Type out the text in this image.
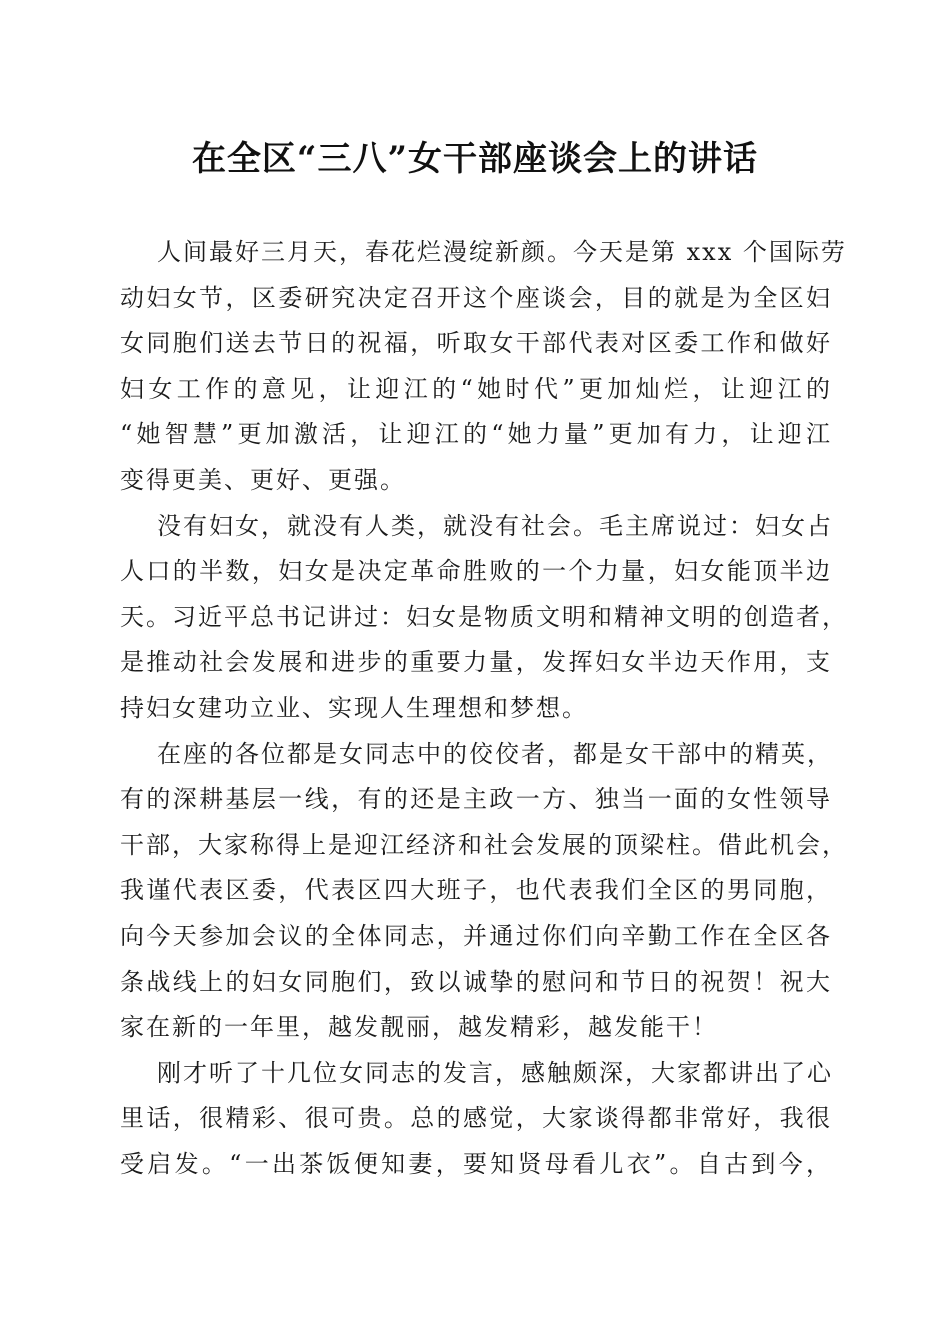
在全区“三八”女干部座谈会上的讲话
人间最好三月天，春花烂漫绽新颜。今天是第 xxx 个国际劳
动妇女节，区委研究决定召开这个座谈会，目的就是为全区妇
女同胞们送去节日的祝福，听取女干部代表对区委工作和做好
妇女工作的意见，让迎江的“她时代”更加灿烂，让迎江的
“她智慧”更加激活，让迎江的“她力量”更加有力，让迎江
变得更美、更好、更强。
没有妇女，就没有人类，就没有社会。毛主席说过：妇女占
人口的半数，妇女是决定革命胜败的一个力量，妇女能顶半边
天。习近平总书记讲过：妇女是物质文明和精神文明的创造者，
是推动社会发展和进步的重要力量，发挥妇女半边天作用，支
持妇女建功立业、实现人生理想和梦想。
在座的各位都是女同志中的佼佼者，都是女干部中的精英，
有的深耕基层一线，有的还是主政一方、独当一面的女性领导
干部，大家称得上是迎江经济和社会发展的顶梁柱。借此机会，
我谨代表区委，代表区四大班子，也代表我们全区的男同胞，
向今天参加会议的全体同志，并通过你们向辛勤工作在全区各
条战线上的妇女同胞们，致以诚挚的慰问和节日的祝贺！祝大
家在新的一年里，越发靓丽，越发精彩，越发能干！
刚才听了十几位女同志的发言，感触颇深，大家都讲出了心
里话，很精彩、很可贵。总的感觉，大家谈得都非常好，我很
受启发。“一出茶饭便知妻，要知贤母看儿衣”。自古到今，
